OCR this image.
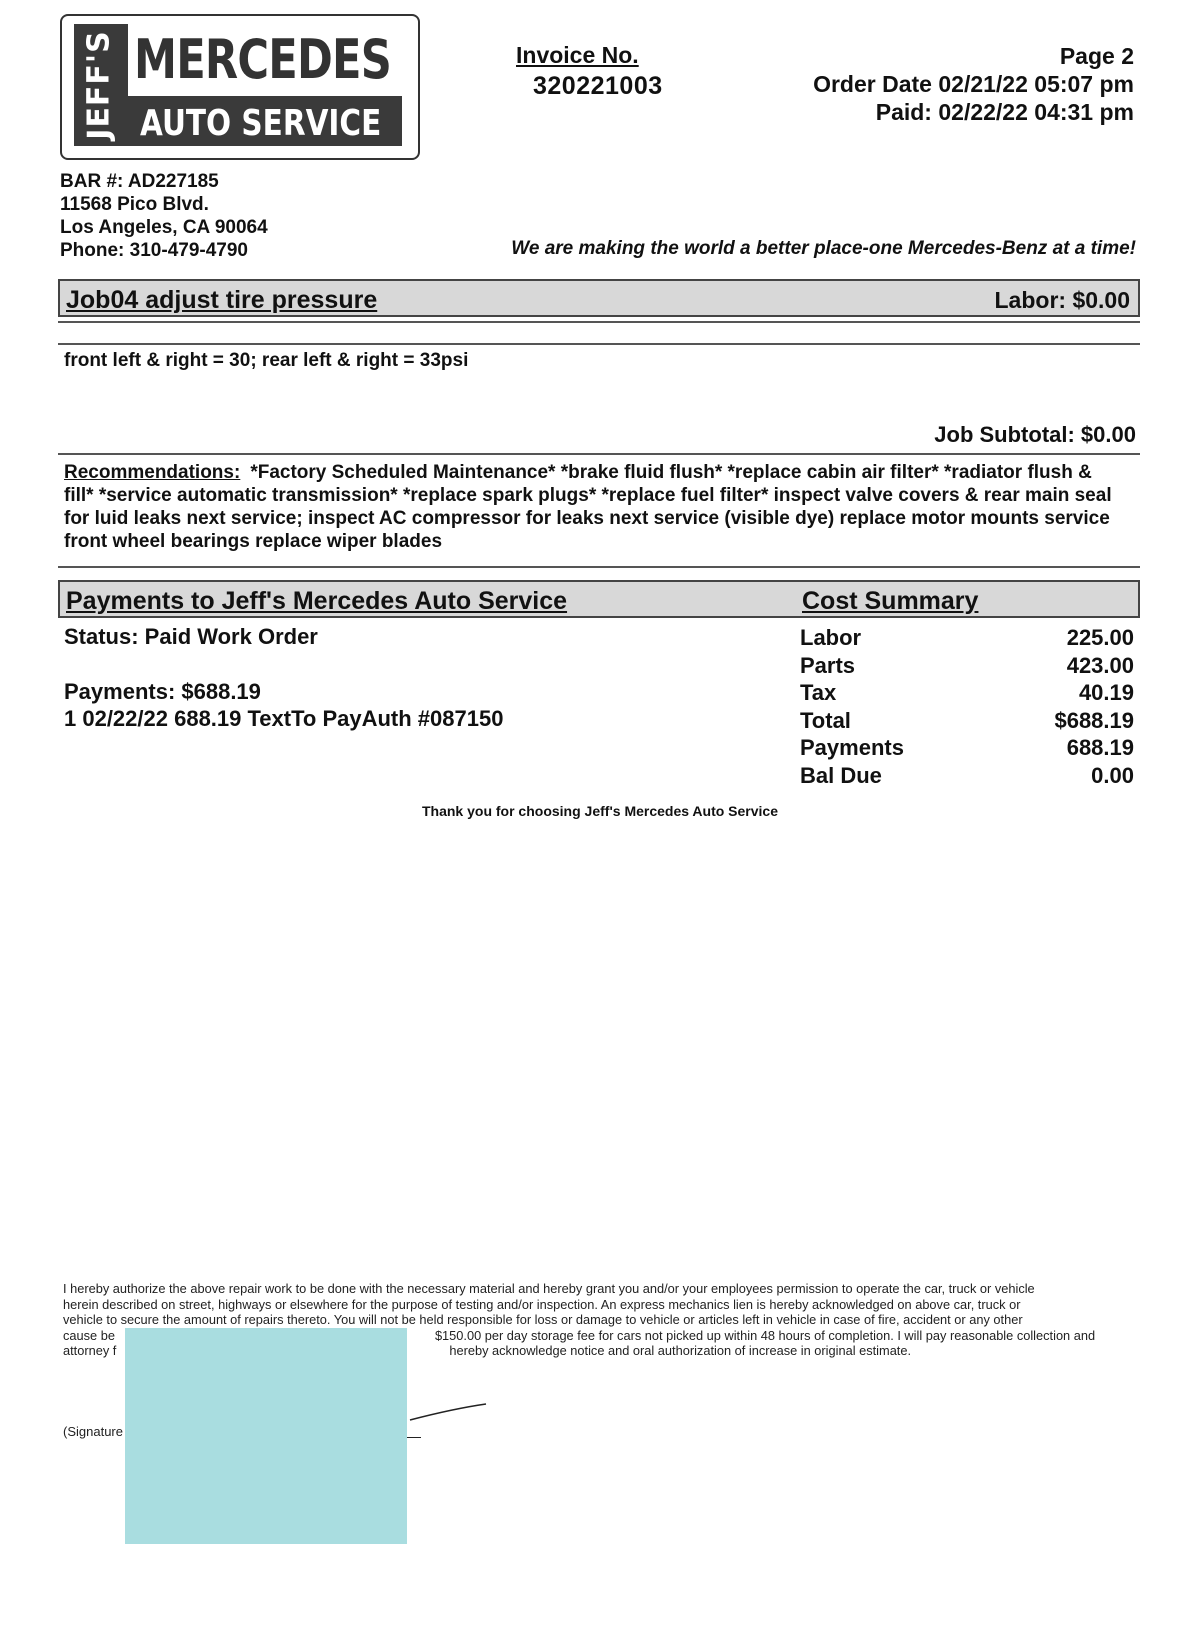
JEFF'S MERCEDES
AUTO SERVICE
Invoice No.
320221003
Page 2
Order Date 02/21/22 05:07 pm
Paid: 02/22/22 04:31 pm
BAR #: AD227185
11568 Pico Blvd.
Los Angeles, CA 90064
Phone: 310-479-4790	We are making the world a better place-one Mercedes-Benz at a time!
Job04 adjust tire pressure	Labor: $0.00
front left & right = 30; rear left & right = 33psi
Job Subtotal: $0.00
Recommendations: *Factory Scheduled Maintenance* *brake fluid flush* *replace cabin air filter* *radiator flush & fill* *service automatic transmission* *replace spark plugs* *replace fuel filter* inspect valve covers & rear main seal for luid leaks next service; inspect AC compressor for leaks next service (visible dye) replace motor mounts service front wheel bearings replace wiper blades
Payments to Jeff's Mercedes Auto Service	Cost Summary
Status: Paid Work Order
Payments: $688.19
1 02/22/22 688.19 TextTo PayAuth #087150
Labor	225.00
Parts	423.00
Tax	40.19
Total	$688.19
Payments	688.19
Bal Due	0.00
Thank you for choosing Jeff's Mercedes Auto Service
I hereby authorize the above repair work to be done with the necessary material and hereby grant you and/or your employees permission to operate the car, truck or vehicle
herein described on street, highways or elsewhere for the purpose of testing and/or inspection. An express mechanics lien is hereby acknowledged on above car, truck or
vehicle to secure the amount of repairs thereto. You will not be held responsible for loss or damage to vehicle or articles left in vehicle in case of fire, accident or any other
cause be	$150.00 per day storage fee for cars not picked up within 48 hours of completion. I will pay reasonable collection and
attorney f	hereby acknowledge notice and oral authorization of increase in original estimate.
(Signature
